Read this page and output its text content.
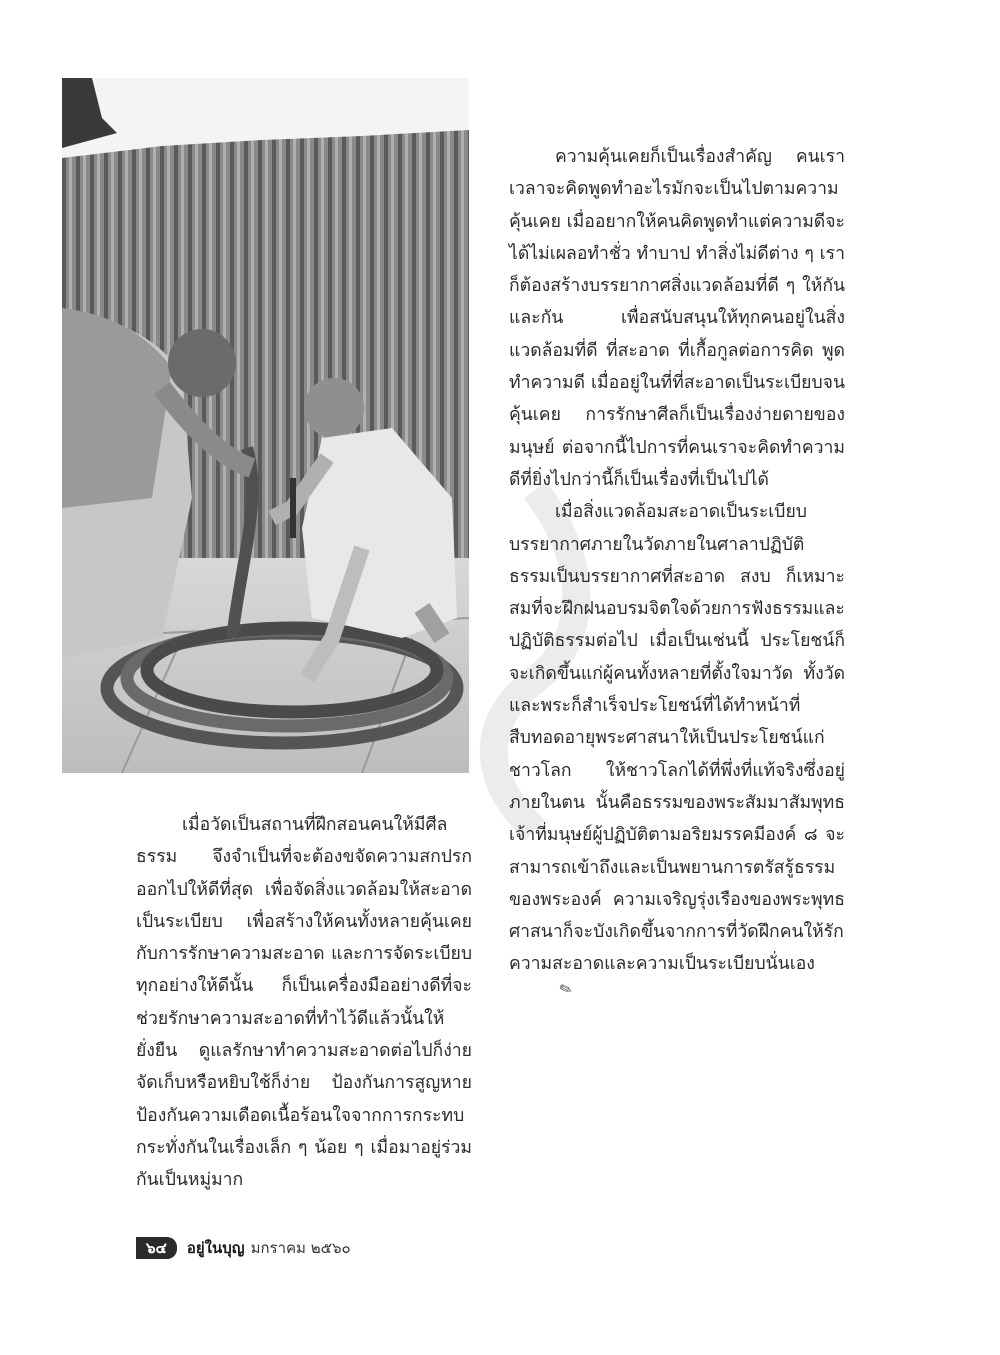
เมื่อวัดเป็นสถานที่ฝึกสอนคนให้มีศีลธรรม จึงจำเป็นที่จะต้องขจัดความสกปรกออกไปให้ดีที่สุด เพื่อจัดสิ่งแวดล้อมให้สะอาดเป็นระเบียบ เพื่อสร้างให้คนทั้งหลายคุ้นเคยกับการรักษาความสะอาด และการจัดระเบียบทุกอย่างให้ดีนั้น ก็เป็นเครื่องมืออย่างดีที่จะช่วยรักษาความสะอาดที่ทำไว้ดีแล้วนั้นให้ยั่งยืน ดูแลรักษาทำความสะอาดต่อไปก็ง่าย จัดเก็บหรือหยิบใช้ก็ง่าย ป้องกันการสูญหาย ป้องกันความเดือดเนื้อร้อนใจจากการกระทบกระทั่งกันในเรื่องเล็ก ๆ น้อย ๆ เมื่อมาอยู่ร่วมกันเป็นหมู่มาก

ความคุ้นเคยก็เป็นเรื่องสำคัญ คนเราเวลาจะคิดพูดทำอะไรมักจะเป็นไปตามความคุ้นเคย เมื่ออยากให้คนคิดพูดทำแต่ความดีจะได้ไม่เผลอทำชั่ว ทำบาป ทำสิ่งไม่ดีต่าง ๆ เราก็ต้องสร้างบรรยากาศสิ่งแวดล้อมที่ดี ๆ ให้กันและกัน เพื่อสนับสนุนให้ทุกคนอยู่ในสิ่งแวดล้อมที่ดี ที่สะอาด ที่เกื้อกูลต่อการคิด พูด ทำความดี เมื่ออยู่ในที่ที่สะอาดเป็นระเบียบจนคุ้นเคย การรักษาศีลก็เป็นเรื่องง่ายดายของมนุษย์ ต่อจากนี้ไปการที่คนเราจะคิดทำความดีที่ยิ่งไปกว่านี้ก็เป็นเรื่องที่เป็นไปได้

เมื่อสิ่งแวดล้อมสะอาดเป็นระเบียบบรรยากาศภายในวัดภายในศาลาปฏิบัติธรรมเป็นบรรยากาศที่สะอาด สงบ ก็เหมาะสมที่จะฝึกฝนอบรมจิตใจด้วยการฟังธรรมและปฏิบัติธรรมต่อไป เมื่อเป็นเช่นนี้ ประโยชน์ก็จะเกิดขึ้นแก่ผู้คนทั้งหลายที่ตั้งใจมาวัด ทั้งวัดและพระก็สำเร็จประโยชน์ที่ได้ทำหน้าที่สืบทอดอายุพระศาสนาให้เป็นประโยชน์แก่ชาวโลก ให้ชาวโลกได้ที่พึ่งที่แท้จริงซึ่งอยู่ภายในตน นั้นคือธรรมของพระสัมมาสัมพุทธเจ้าที่มนุษย์ผู้ปฏิบัติตามอริยมรรคมีองค์ ๘ จะสามารถเข้าถึงและเป็นพยานการตรัสรู้ธรรมของพระองค์ ความเจริญรุ่งเรืองของพระพุทธศาสนาก็จะบังเกิดขึ้นจากการที่วัดฝึกคนให้รักความสะอาดและความเป็นระเบียบนั่นเอง✎

๖๔	อยู่ในบุญ มกราคม ๒๕๖๐
